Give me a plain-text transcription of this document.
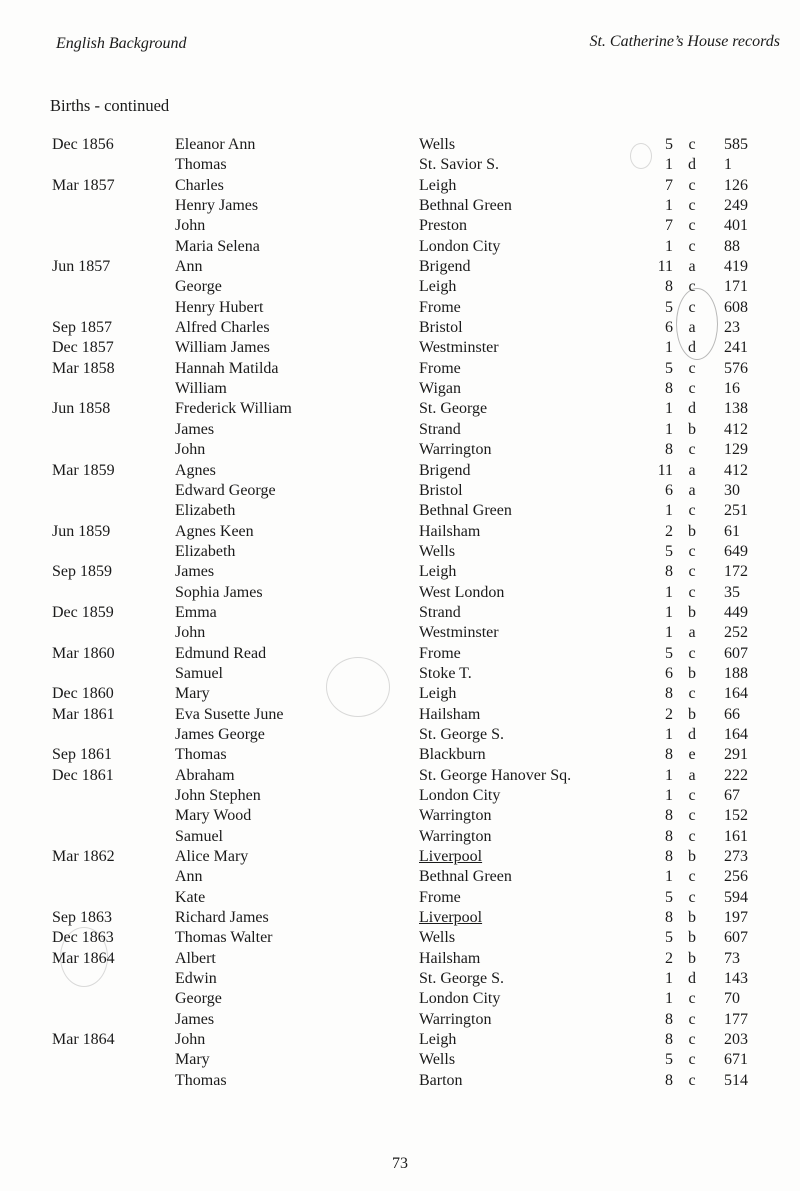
English Background	St. Catherine’s House records
Births - continued
Dec 1856	Eleanor Ann	Wells	5 c 585
Thomas	St. Savior S.	1 d 1
Mar 1857	Charles	Leigh	7 c 126
Henry James	Bethnal Green	1 c 249
John	Preston	7 c 401
Maria Selena	London City	1 c 88
Jun 1857	Ann	Brigend	11 a 419
George	Leigh	8 c 171
Henry Hubert	Frome	5 c 608
Sep 1857	Alfred Charles	Bristol	6 a 23
Dec 1857	William James	Westminster	1 d 241
Mar 1858	Hannah Matilda	Frome	5 c 576
William	Wigan	8 c 16
Jun 1858	Frederick William	St. George	1 d 138
James	Strand	1 b 412
John	Warrington	8 c 129
Mar 1859	Agnes	Brigend	11 a 412
Edward George	Bristol	6 a 30
Elizabeth	Bethnal Green	1 c 251
Jun 1859	Agnes Keen	Hailsham	2 b 61
Elizabeth	Wells	5 c 649
Sep 1859	James	Leigh	8 c 172
Sophia James	West London	1 c 35
Dec 1859	Emma	Strand	1 b 449
John	Westminster	1 a 252
Mar 1860	Edmund Read	Frome	5 c 607
Samuel	Stoke T.	6 b 188
Dec 1860	Mary	Leigh	8 c 164
Mar 1861	Eva Susette June	Hailsham	2 b 66
James George	St. George S.	1 d 164
Sep 1861	Thomas	Blackburn	8 e 291
Dec 1861	Abraham	St. George Hanover Sq.	1 a 222
John Stephen	London City	1 c 67
Mary Wood	Warrington	8 c 152
Samuel	Warrington	8 c 161
Mar 1862	Alice Mary	Liverpool	8 b 273
Ann	Bethnal Green	1 c 256
Kate	Frome	5 c 594
Sep 1863	Richard James	Liverpool	8 b 197
Dec 1863	Thomas Walter	Wells	5 b 607
Mar 1864	Albert	Hailsham	2 b 73
Edwin	St. George S.	1 d 143
George	London City	1 c 70
James	Warrington	8 c 177
Mar 1864	John	Leigh	8 c 203
Mary	Wells	5 c 671
Thomas	Barton	8 c 514
73
